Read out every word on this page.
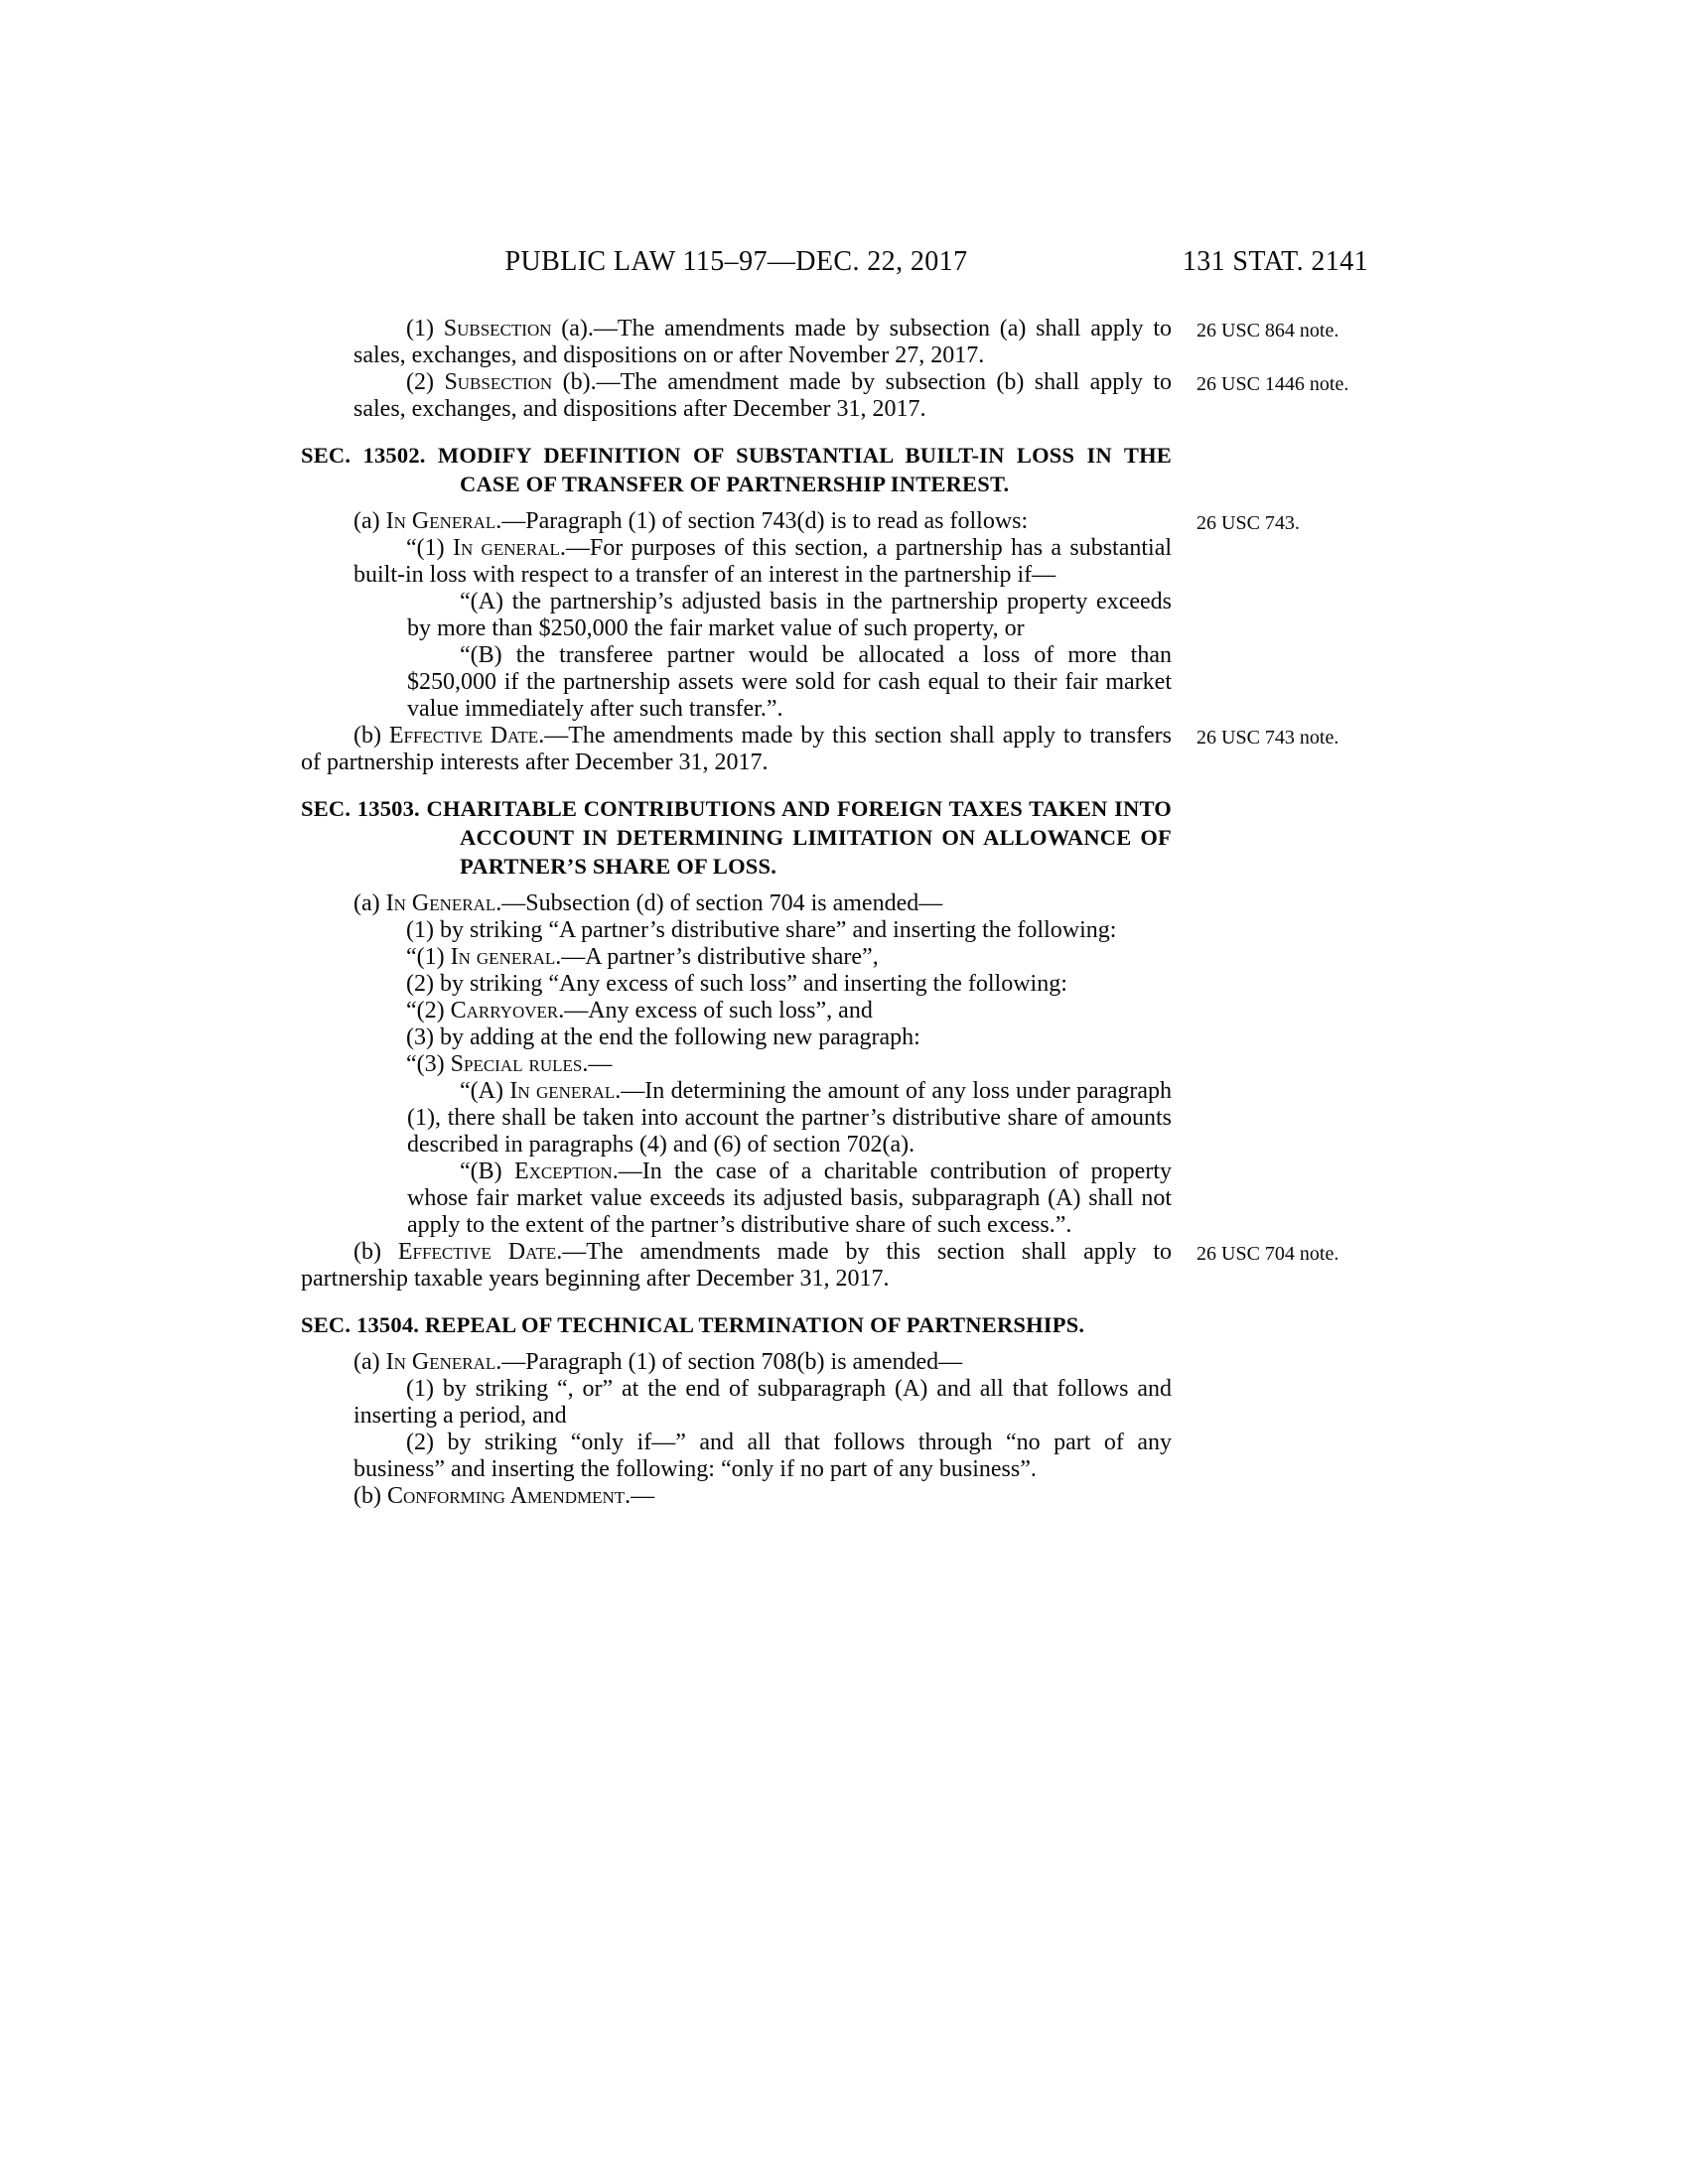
PUBLIC LAW 115–97—DEC. 22, 2017	131 STAT. 2141
(1) Subsection (a).—The amendments made by subsection (a) shall apply to sales, exchanges, and dispositions on or after November 27, 2017.
26 USC 864 note.
(2) Subsection (b).—The amendment made by subsection (b) shall apply to sales, exchanges, and dispositions after December 31, 2017.
26 USC 1446 note.
SEC. 13502. MODIFY DEFINITION OF SUBSTANTIAL BUILT-IN LOSS IN THE CASE OF TRANSFER OF PARTNERSHIP INTEREST.
(a) In General.—Paragraph (1) of section 743(d) is to read as follows:	26 USC 743.
“(1) In general.—For purposes of this section, a partnership has a substantial built-in loss with respect to a transfer of an interest in the partnership if—
“(A) the partnership’s adjusted basis in the partnership property exceeds by more than $250,000 the fair market value of such property, or
“(B) the transferee partner would be allocated a loss of more than $250,000 if the partnership assets were sold for cash equal to their fair market value immediately after such transfer.”.
(b) Effective Date.—The amendments made by this section shall apply to transfers of partnership interests after December 31, 2017.
26 USC 743 note.
SEC. 13503. CHARITABLE CONTRIBUTIONS AND FOREIGN TAXES TAKEN INTO ACCOUNT IN DETERMINING LIMITATION ON ALLOWANCE OF PARTNER’S SHARE OF LOSS.
(a) In General.—Subsection (d) of section 704 is amended—
(1) by striking “A partner’s distributive share” and inserting the following:
“(1) In general.—A partner’s distributive share”,
(2) by striking “Any excess of such loss” and inserting the following:
“(2) Carryover.—Any excess of such loss”, and
(3) by adding at the end the following new paragraph:
“(3) Special rules.—
“(A) In general.—In determining the amount of any loss under paragraph (1), there shall be taken into account the partner’s distributive share of amounts described in paragraphs (4) and (6) of section 702(a).
“(B) Exception.—In the case of a charitable contribution of property whose fair market value exceeds its adjusted basis, subparagraph (A) shall not apply to the extent of the partner’s distributive share of such excess.”.
(b) Effective Date.—The amendments made by this section shall apply to partnership taxable years beginning after December 31, 2017.
26 USC 704 note.
SEC. 13504. REPEAL OF TECHNICAL TERMINATION OF PARTNERSHIPS.
(a) In General.—Paragraph (1) of section 708(b) is amended—
(1) by striking “, or” at the end of subparagraph (A) and all that follows and inserting a period, and
(2) by striking “only if—” and all that follows through “no part of any business” and inserting the following: “only if no part of any business”.
(b) Conforming Amendment.—
